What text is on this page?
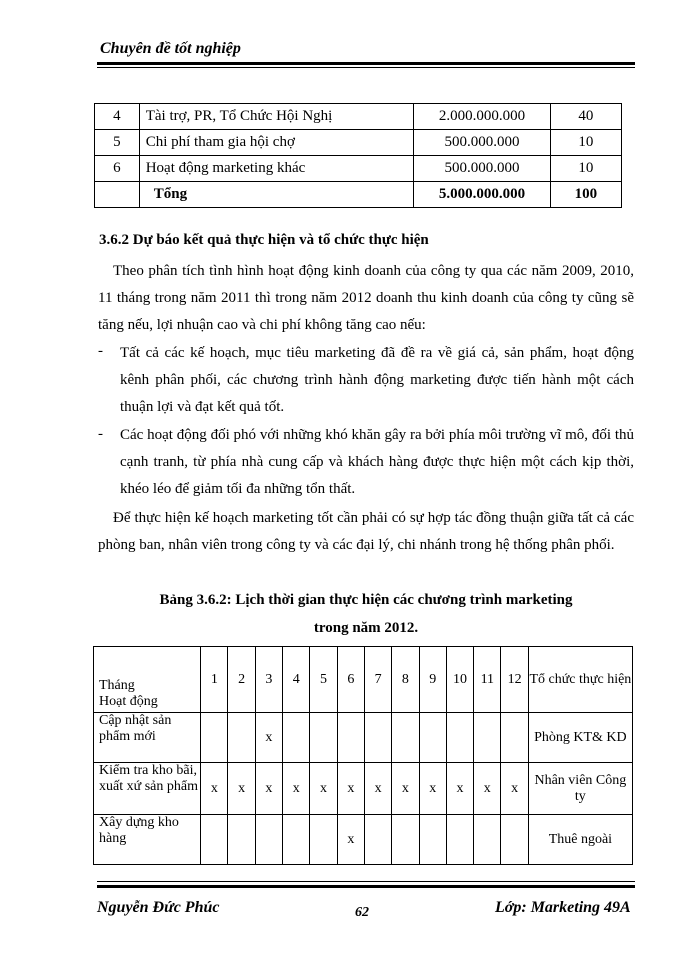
Chuyên đề tốt nghiệp
4	Tài trợ, PR, Tổ Chức Hội Nghị	2.000.000.000	40
5	Chi phí tham gia hội chợ	500.000.000	10
6	Hoạt động marketing khác	500.000.000	10
	Tổng	5.000.000.000	100
3.6.2 Dự báo kết quả thực hiện và tổ chức thực hiện
Theo phân tích tình hình hoạt động kinh doanh của công ty qua các năm 2009, 2010, 11 tháng trong năm 2011 thì trong năm 2012 doanh thu kinh doanh của công ty cũng sẽ tăng nếu, lợi nhuận cao và chi phí không tăng cao nếu:
- Tất cả các kế hoạch, mục tiêu marketing đã đề ra về giá cả, sản phẩm, hoạt động kênh phân phối, các chương trình hành động marketing được tiến hành một cách thuận lợi và đạt kết quả tốt.
- Các hoạt động đối phó với những khó khăn gây ra bởi phía môi trường vĩ mô, đối thủ cạnh tranh, từ phía nhà cung cấp và khách hàng được thực hiện một cách kịp thời, khéo léo để giảm tối đa những tổn thất.
Để thực hiện kế hoạch marketing tốt cần phải có sự hợp tác đồng thuận giữa tất cả các phòng ban, nhân viên trong công ty và các đại lý, chi nhánh trong hệ thống phân phối.
Bảng 3.6.2: Lịch thời gian thực hiện các chương trình marketing
trong năm 2012.
Tháng
Hoạt động	1	2	3	4	5	6	7	8	9	10	11	12	Tổ chức thực hiện
Cập nhật sản phẩm mới			x										Phòng KT& KD
Kiểm tra kho bãi, xuất xứ sản phẩm	x	x	x	x	x	x	x	x	x	x	x	x	Nhân viên Công ty
Xây dựng kho hàng						x							Thuê ngoài
Nguyễn Đức Phúc	62	Lớp: Marketing 49A
